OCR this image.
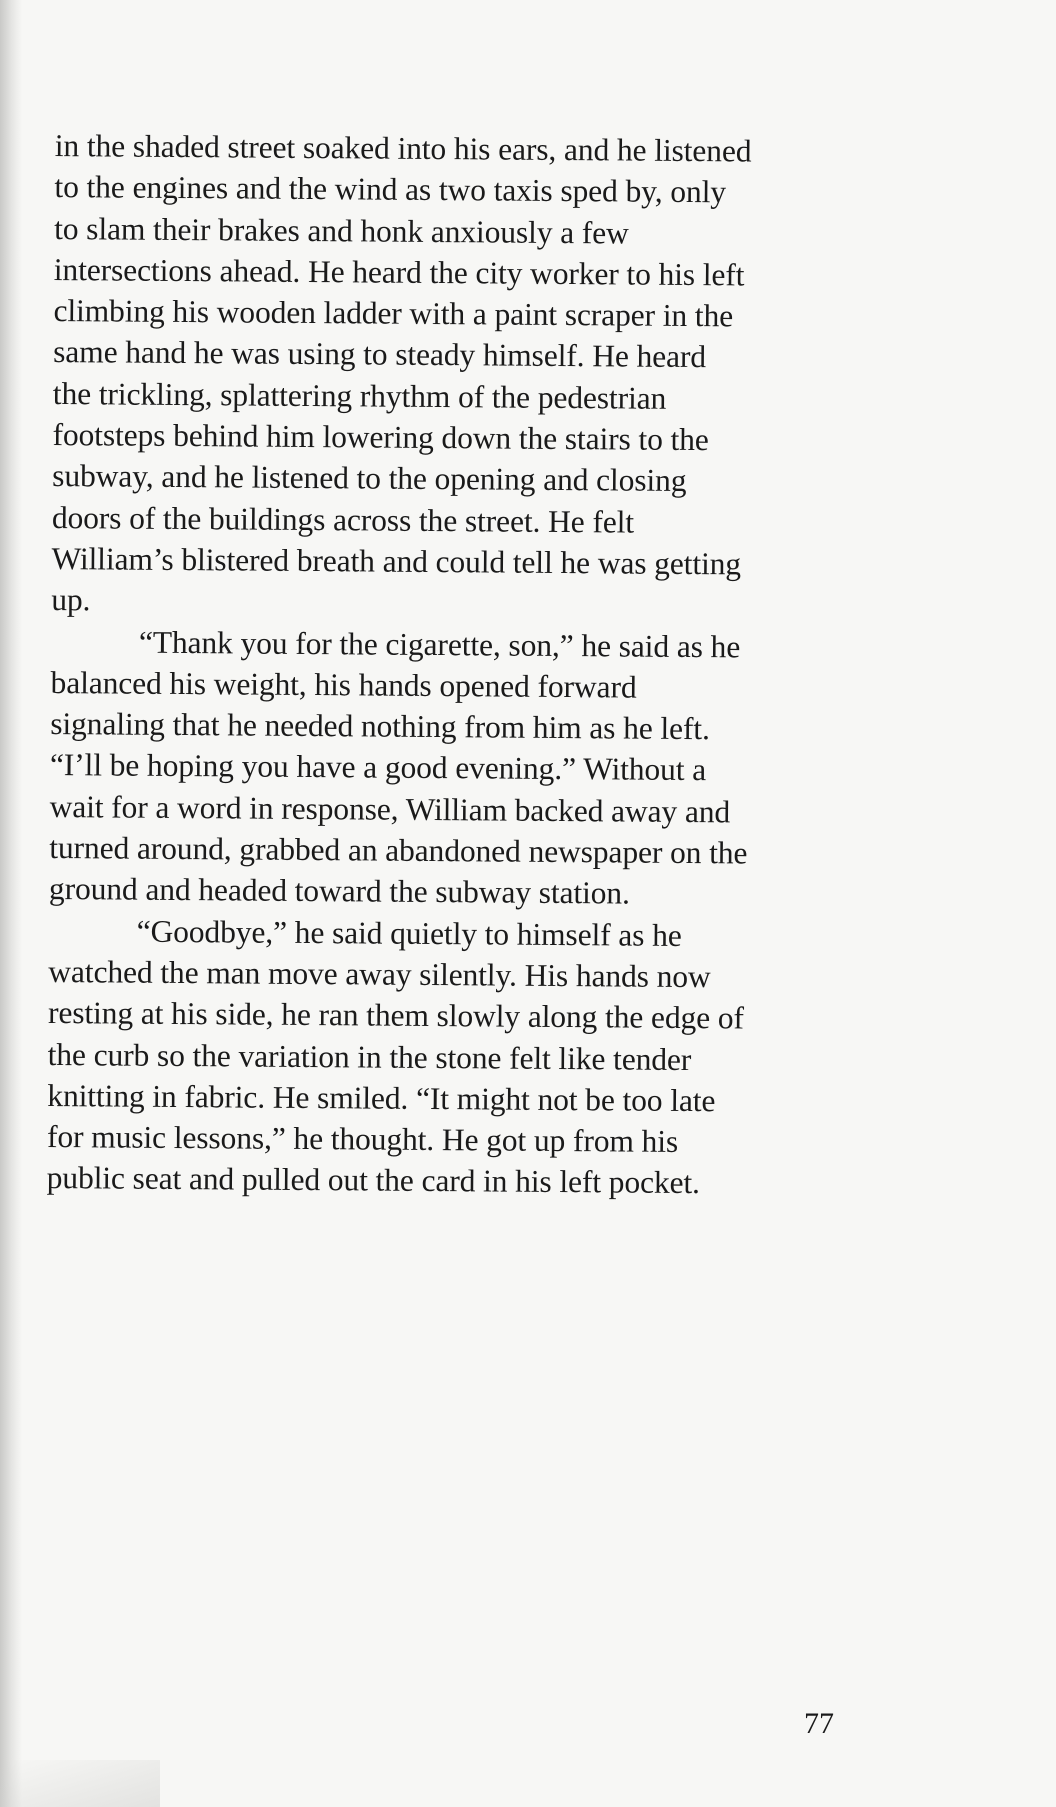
in the shaded street soaked into his ears, and he listened
to the engines and the wind as two taxis sped by, only
to slam their brakes and honk anxiously a few
intersections ahead. He heard the city worker to his left
climbing his wooden ladder with a paint scraper in the
same hand he was using to steady himself. He heard
the trickling, splattering rhythm of the pedestrian
footsteps behind him lowering down the stairs to the
subway, and he listened to the opening and closing
doors of the buildings across the street. He felt
William’s blistered breath and could tell he was getting
up.
“Thank you for the cigarette, son,” he said as he
balanced his weight, his hands opened forward
signaling that he needed nothing from him as he left.
“I’ll be hoping you have a good evening.” Without a
wait for a word in response, William backed away and
turned around, grabbed an abandoned newspaper on the
ground and headed toward the subway station.
“Goodbye,” he said quietly to himself as he
watched the man move away silently. His hands now
resting at his side, he ran them slowly along the edge of
the curb so the variation in the stone felt like tender
knitting in fabric. He smiled. “It might not be too late
for music lessons,” he thought. He got up from his
public seat and pulled out the card in his left pocket.
77
